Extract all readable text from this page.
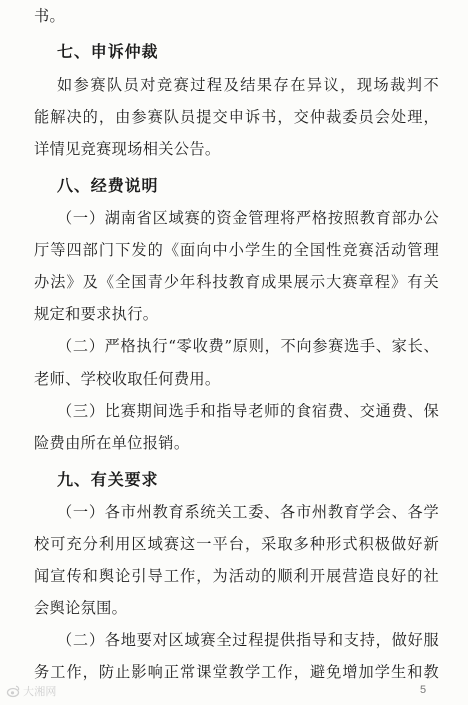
书。
七、申诉仲裁
如参赛队员对竞赛过程及结果存在异议，现场裁判不
能解决的，由参赛队员提交申诉书，交仲裁委员会处理，
详情见竞赛现场相关公告。
八、经费说明
（一）湖南省区域赛的资金管理将严格按照教育部办公
厅等四部门下发的《面向中小学生的全国性竞赛活动管理
办法》及《全国青少年科技教育成果展示大赛章程》有关
规定和要求执行。
（二）严格执行“零收费”原则，不向参赛选手、家长、
老师、学校收取任何费用。
（三）比赛期间选手和指导老师的食宿费、交通费、保
险费由所在单位报销。
九、有关要求
（一）各市州教育系统关工委、各市州教育学会、各学
校可充分利用区域赛这一平台，采取多种形式积极做好新
闻宣传和舆论引导工作，为活动的顺利开展营造良好的社
会舆论氛围。
（二）各地要对区域赛全过程提供指导和支持，做好服
务工作，防止影响正常课堂教学工作，避免增加学生和教
大湘网	5
